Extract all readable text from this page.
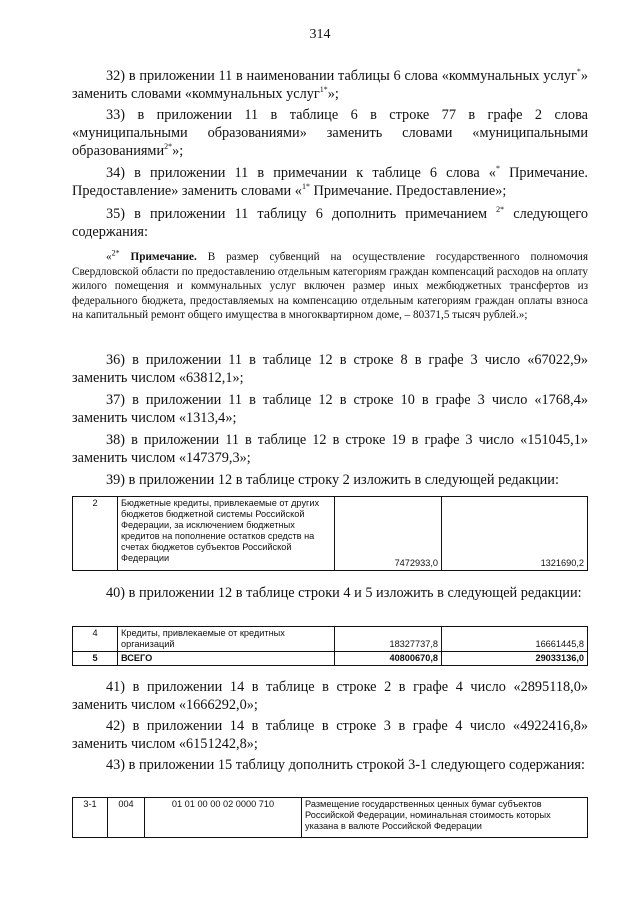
314
32) в приложении 11 в наименовании таблицы 6 слова «коммунальных услуг*» заменить словами «коммунальных услуг$^{1*}$»;
33) в приложении 11 в таблице 6 в строке 77 в графе 2 слова «муниципальными образованиями» заменить словами «муниципальными образованиями$^{2*}$»;
34) в приложении 11 в примечании к таблице 6 слова «* Примечание. Предоставление» заменить словами «$^{1*}$ Примечание. Предоставление»;
35) в приложении 11 таблицу 6 дополнить примечанием $^{2*}$ следующего содержания:
«$^{2*}$ Примечание. В размер субвенций на осуществление государственного полномочия Свердловской области по предоставлению отдельным категориям граждан компенсаций расходов на оплату жилого помещения и коммунальных услуг включен размер иных межбюджетных трансфертов из федерального бюджета, предоставляемых на компенсацию отдельным категориям граждан оплаты взноса на капитальный ремонт общего имущества в многоквартирном доме, – 80371,5 тысяч рублей.»;
36) в приложении 11 в таблице 12 в строке 8 в графе 3 число «67022,9» заменить числом «63812,1»;
37) в приложении 11 в таблице 12 в строке 10 в графе 3 число «1768,4» заменить числом «1313,4»;
38) в приложении 11 в таблице 12 в строке 19 в графе 3 число «151045,1» заменить числом «147379,3»;
39) в приложении 12 в таблице строку 2 изложить в следующей редакции:
2	Бюджетные кредиты, привлекаемые от других бюджетов бюджетной системы Российской Федерации, за исключением бюджетных кредитов на пополнение остатков средств на счетах бюджетов субъектов Российской Федерации	7472933,0	1321690,2
40) в приложении 12 в таблице строки 4 и 5 изложить в следующей редакции:
4	Кредиты, привлекаемые от кредитных организаций	18327737,8	16661445,8
5	ВСЕГО	40800670,8	29033136,0
41) в приложении 14 в таблице в строке 2 в графе 4 число «2895118,0» заменить числом «1666292,0»;
42) в приложении 14 в таблице в строке 3 в графе 4 число «4922416,8» заменить числом «6151242,8»;
43) в приложении 15 таблицу дополнить строкой 3-1 следующего содержания:
3-1	004	01 01 00 00 02 0000 710	Размещение государственных ценных бумаг субъектов Российской Федерации, номинальная стоимость которых указана в валюте Российской Федерации
